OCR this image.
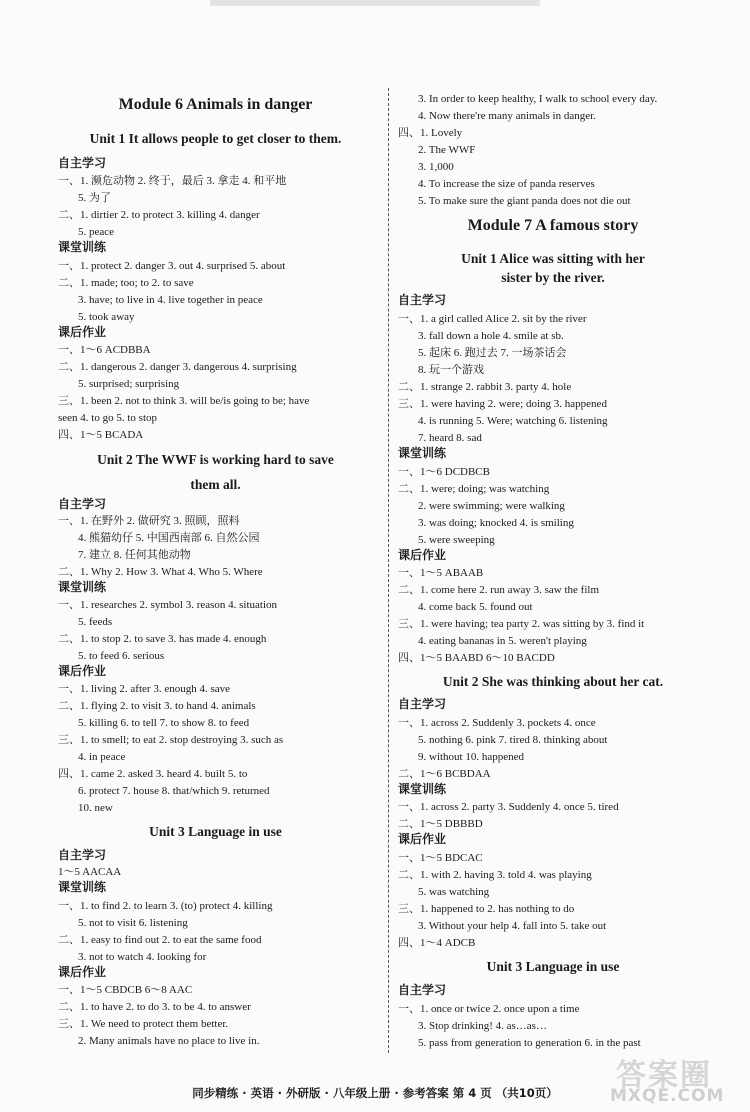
Module 6 Animals in danger
Unit 1 It allows people to get closer to them.
自主学习
一、1. 濒危动物 2. 终于，最后 3. 拿走 4. 和平地
5. 为了
二、1. dirtier 2. to protect 3. killing 4. danger
5. peace
课堂训练
一、1. protect 2. danger 3. out 4. surprised 5. about
二、1. made; too; to 2. to save
3. have; to live in 4. live together in peace
5. took away
课后作业
一、1～6 ACDBBA
二、1. dangerous 2. danger 3. dangerous 4. surprising
5. surprised; surprising
三、1. been 2. not to think 3. will be/is going to be; have
seen 4. to go 5. to stop
四、1～5 BCADA
Unit 2 The WWF is working hard to save
them all.
自主学习
一、1. 在野外 2. 做研究 3. 照顾，照料
4. 熊猫幼仔 5. 中国西南部 6. 自然公园
7. 建立 8. 任何其他动物
二、1. Why 2. How 3. What 4. Who 5. Where
课堂训练
一、1. researches 2. symbol 3. reason 4. situation
5. feeds
二、1. to stop 2. to save 3. has made 4. enough
5. to feed 6. serious
课后作业
一、1. living 2. after 3. enough 4. save
二、1. flying 2. to visit 3. to hand 4. animals
5. killing 6. to tell 7. to show 8. to feed
三、1. to smell; to eat 2. stop destroying 3. such as
4. in peace
四、1. came 2. asked 3. heard 4. built 5. to
6. protect 7. house 8. that/which 9. returned
10. new
Unit 3 Language in use
自主学习
1～5 AACAA
课堂训练
一、1. to find 2. to learn 3. (to) protect 4. killing
5. not to visit 6. listening
二、1. easy to find out 2. to eat the same food
3. not to watch 4. looking for
课后作业
一、1～5 CBDCB 6～8 AAC
二、1. to have 2. to do 3. to be 4. to answer
三、1. We need to protect them better.
2. Many animals have no place to live in.
3. In order to keep healthy, I walk to school every day.
4. Now there're many animals in danger.
四、1. Lovely
2. The WWF
3. 1,000
4. To increase the size of panda reserves
5. To make sure the giant panda does not die out
Module 7 A famous story
Unit 1 Alice was sitting with her
sister by the river.
自主学习
一、1. a girl called Alice 2. sit by the river
3. fall down a hole 4. smile at sb.
5. 起床 6. 跑过去 7. 一场茶话会
8. 玩一个游戏
二、1. strange 2. rabbit 3. party 4. hole
三、1. were having 2. were; doing 3. happened
4. is running 5. Were; watching 6. listening
7. heard 8. sad
课堂训练
一、1～6 DCDBCB
二、1. were; doing; was watching
2. were swimming; were walking
3. was doing; knocked 4. is smiling
5. were sweeping
课后作业
一、1～5 ABAAB
二、1. come here 2. run away 3. saw the film
4. come back 5. found out
三、1. were having; tea party 2. was sitting by 3. find it
4. eating bananas in 5. weren't playing
四、1～5 BAABD 6～10 BACDD
Unit 2 She was thinking about her cat.
自主学习
一、1. across 2. Suddenly 3. pockets 4. once
5. nothing 6. pink 7. tired 8. thinking about
9. without 10. happened
二、1～6 BCBDAA
课堂训练
一、1. across 2. party 3. Suddenly 4. once 5. tired
二、1～5 DBBBD
课后作业
一、1～5 BDCAC
二、1. with 2. having 3. told 4. was playing
5. was watching
三、1. happened to 2. has nothing to do
3. Without your help 4. fall into 5. take out
四、1～4 ADCB
Unit 3 Language in use
自主学习
一、1. once or twice 2. once upon a time
3. Stop drinking! 4. as…as…
5. pass from generation to generation 6. in the past
同步精练 · 英语 · 外研版 · 八年级上册 · 参考答案 第 4 页 （共10页）	答案圈
MXQE.COM
